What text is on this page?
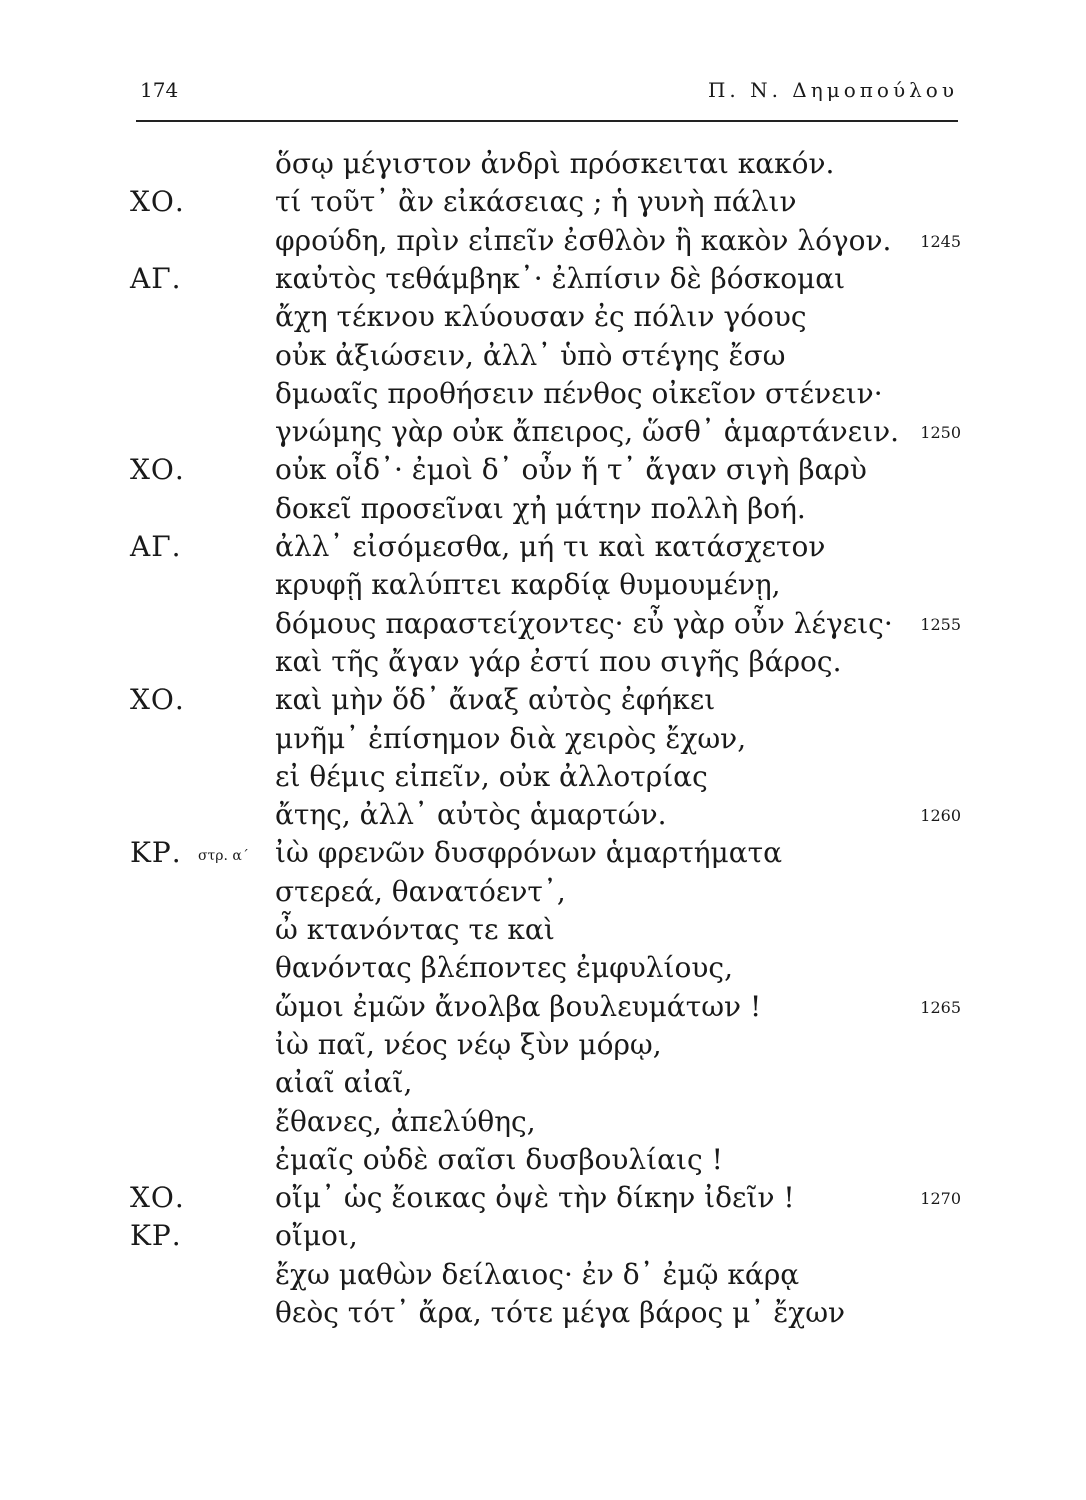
174	Π. Ν. Δημοπούλου
ὅσῳ μέγιστον ἀνδρὶ πρόσκειται κακόν.
ΧΟ.	τί τοῦτ᾽ ἂν εἰκάσειας ; ἡ γυνὴ πάλιν
φρούδη, πρὶν εἰπεῖν ἐσθλὸν ἢ κακὸν λόγον. 1245
ΑΓ.	καὐτὸς τεθάμβηκ᾽· ἐλπίσιν δὲ βόσκομαι
ἄχη τέκνου κλύουσαν ἐς πόλιν γόους
οὐκ ἀξιώσειν, ἀλλ᾽ ὑπὸ στέγης ἔσω
δμωαῖς προθήσειν πένθος οἰκεῖον στένειν·
γνώμης γὰρ οὐκ ἄπειρος, ὥσθ᾽ ἁμαρτάνειν. 1250
ΧΟ.	οὐκ οἶδ᾽· ἐμοὶ δ᾽ οὖν ἥ τ᾽ ἄγαν σιγὴ βαρὺ
δοκεῖ προσεῖναι χἠ μάτην πολλὴ βοή.
ΑΓ.	ἀλλ᾽ εἰσόμεσθα, μή τι καὶ κατάσχετον
κρυφῇ καλύπτει καρδίᾳ θυμουμένῃ,
δόμους παραστείχοντες· εὖ γὰρ οὖν λέγεις· 1255
καὶ τῆς ἄγαν γάρ ἐστί που σιγῆς βάρος.
ΧΟ.	καὶ μὴν ὅδ᾽ ἄναξ αὐτὸς ἐφήκει
μνῆμ᾽ ἐπίσημον διὰ χειρὸς ἔχων,
εἰ θέμις εἰπεῖν, οὐκ ἀλλοτρίας
ἄτης, ἀλλ᾽ αὐτὸς ἁμαρτών.	1260
ΚΡ. στρ. α´ ἰὼ φρενῶν δυσφρόνων ἁμαρτήματα
στερεά, θανατόεντ᾽,
ὦ κτανόντας τε καὶ
θανόντας βλέποντες ἐμφυλίους,
ὤμοι ἐμῶν ἄνολβα βουλευμάτων !	1265
ἰὼ παῖ, νέος νέῳ ξὺν μόρῳ,
αἰαῖ αἰαῖ,
ἔθανες, ἀπελύθης,
ἐμαῖς οὐδὲ σαῖσι δυσβουλίαις !
ΧΟ.	οἴμ᾽ ὡς ἔοικας ὀψὲ τὴν δίκην ἰδεῖν !	1270
ΚΡ.	οἴμοι,
ἔχω μαθὼν δείλαιος· ἐν δ᾽ ἐμῷ κάρᾳ
θεὸς τότ᾽ ἄρα, τότε μέγα βάρος μ᾽ ἔχων
